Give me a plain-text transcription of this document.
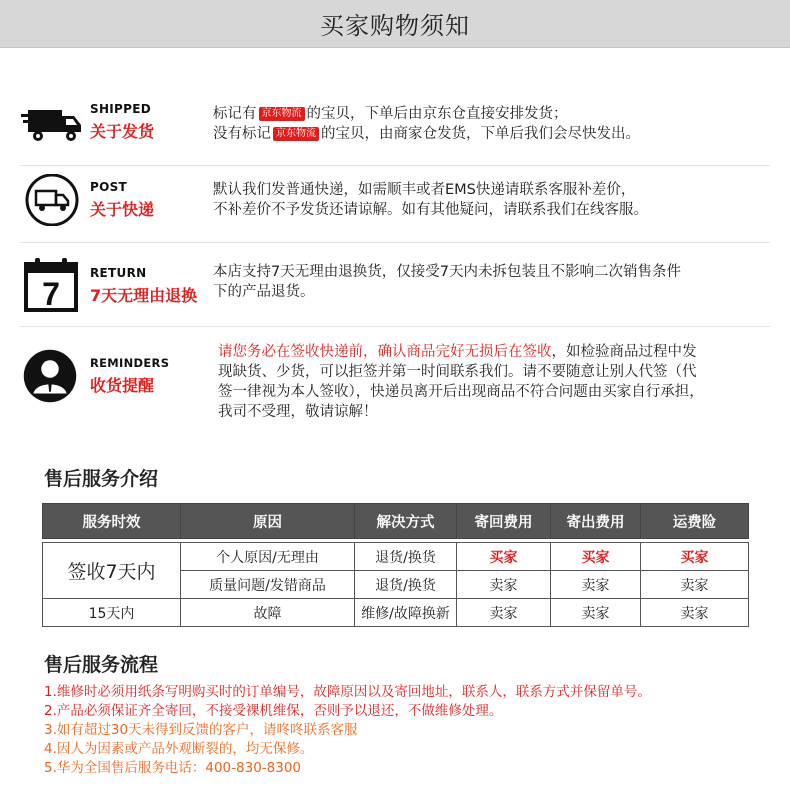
买家购物须知
SHIPPED
关于发货
标记有 京东物流 的宝贝，下单后由京东仓直接安排发货；
没有标记 京东物流 的宝贝，由商家仓发货，下单后我们会尽快发出。
POST
关于快递
默认我们发普通快递，如需顺丰或者EMS快递请联系客服补差价，
不补差价不予发货还请谅解。如有其他疑问，请联系我们在线客服。
7
RETURN
7天无理由退换
本店支持7天无理由退换货，仅接受7天内未拆包装且不影响二次销售条件
下的产品退货。
REMINDERS
收货提醒
请您务必在签收快递前，确认商品完好无损后在签收，如检验商品过程中发
现缺货、少货，可以拒签并第一时间联系我们。请不要随意让别人代签（代
签一律视为本人签收），快递员离开后出现商品不符合问题由买家自行承担，
我司不受理，敬请谅解！
售后服务介绍
服务时效	原因	解决方式	寄回费用	寄出费用	运费险

签收7天内	个人原因/无理由	退货/换货	买家	买家	买家
	质量问题/发错商品	退货/换货	卖家	卖家	卖家
15天内	故障	维修/故障换新	卖家	卖家	卖家
售后服务流程
1.维修时必须用纸条写明购买时的订单编号，故障原因以及寄回地址，联系人，联系方式并保留单号。
2.产品必须保证齐全寄回，不接受裸机维保，否则予以退还，不做维修处理。
3.如有超过30天未得到反馈的客户，请咚咚联系客服
4.因人为因素或产品外观断裂的，均无保修。
5.华为全国售后服务电话：400-830-8300
